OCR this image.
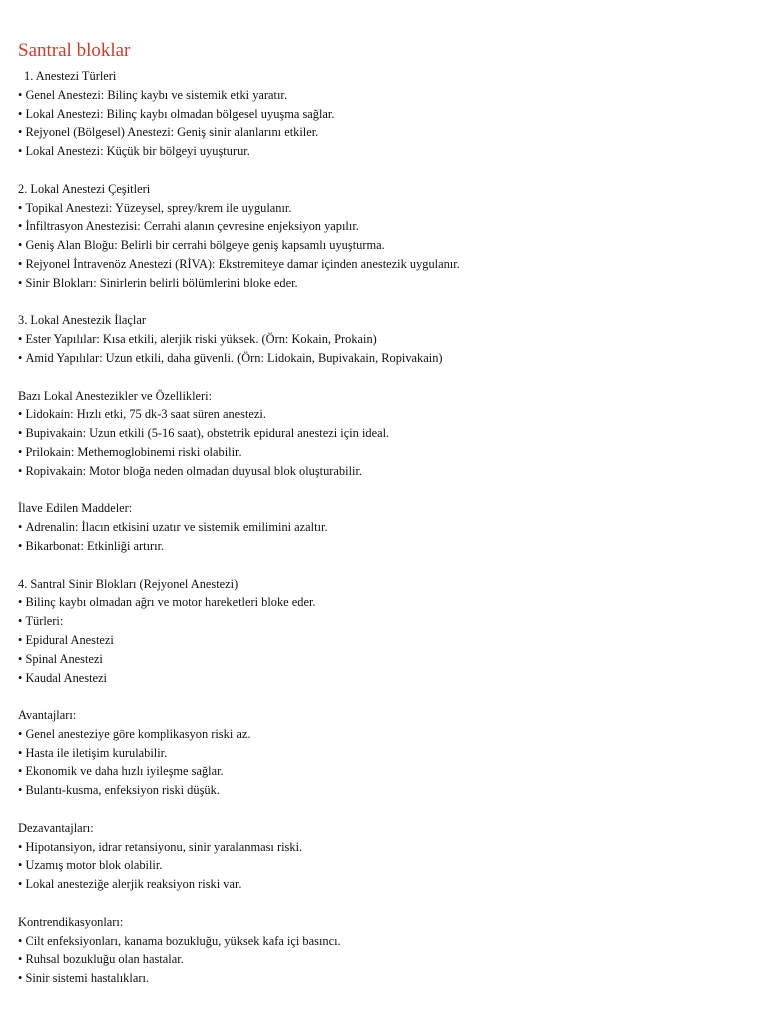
Santral bloklar
1. Anestezi Türleri
• Genel Anestezi: Bilinç kaybı ve sistemik etki yaratır.
• Lokal Anestezi: Bilinç kaybı olmadan bölgesel uyuşma sağlar.
• Rejyonel (Bölgesel) Anestezi: Geniş sinir alanlarını etkiler.
• Lokal Anestezi: Küçük bir bölgeyi uyuşturur.
2. Lokal Anestezi Çeşitleri
• Topikal Anestezi: Yüzeysel, sprey/krem ile uygulanır.
• İnfiltrasyon Anestezisi: Cerrahi alanın çevresine enjeksiyon yapılır.
• Geniş Alan Bloğu: Belirli bir cerrahi bölgeye geniş kapsamlı uyuşturma.
• Rejyonel İntravenöz Anestezi (RİVA): Ekstremiteye damar içinden anestezik uygulanır.
• Sinir Blokları: Sinirlerin belirli bölümlerini bloke eder.
3. Lokal Anestezik İlaçlar
• Ester Yapılılar: Kısa etkili, alerjik riski yüksek. (Örn: Kokain, Prokain)
• Amid Yapılılar: Uzun etkili, daha güvenli. (Örn: Lidokain, Bupivakain, Ropivakain)
Bazı Lokal Anestezikler ve Özellikleri:
• Lidokain: Hızlı etki, 75 dk-3 saat süren anestezi.
• Bupivakain: Uzun etkili (5-16 saat), obstetrik epidural anestezi için ideal.
• Prilokain: Methemoglobinemi riski olabilir.
• Ropivakain: Motor bloğa neden olmadan duyusal blok oluşturabilir.
İlave Edilen Maddeler:
• Adrenalin: İlacın etkisini uzatır ve sistemik emilimini azaltır.
• Bikarbonat: Etkinliği artırır.
4. Santral Sinir Blokları (Rejyonel Anestezi)
• Bilinç kaybı olmadan ağrı ve motor hareketleri bloke eder.
• Türleri:
• Epidural Anestezi
• Spinal Anestezi
• Kaudal Anestezi
Avantajları:
• Genel anesteziye göre komplikasyon riski az.
• Hasta ile iletişim kurulabilir.
• Ekonomik ve daha hızlı iyileşme sağlar.
• Bulantı-kusma, enfeksiyon riski düşük.
Dezavantajları:
• Hipotansiyon, idrar retansiyonu, sinir yaralanması riski.
• Uzamış motor blok olabilir.
• Lokal anesteziğe alerjik reaksiyon riski var.
Kontrendikasyonları:
• Cilt enfeksiyonları, kanama bozukluğu, yüksek kafa içi basıncı.
• Ruhsal bozukluğu olan hastalar.
• Sinir sistemi hastalıkları.
